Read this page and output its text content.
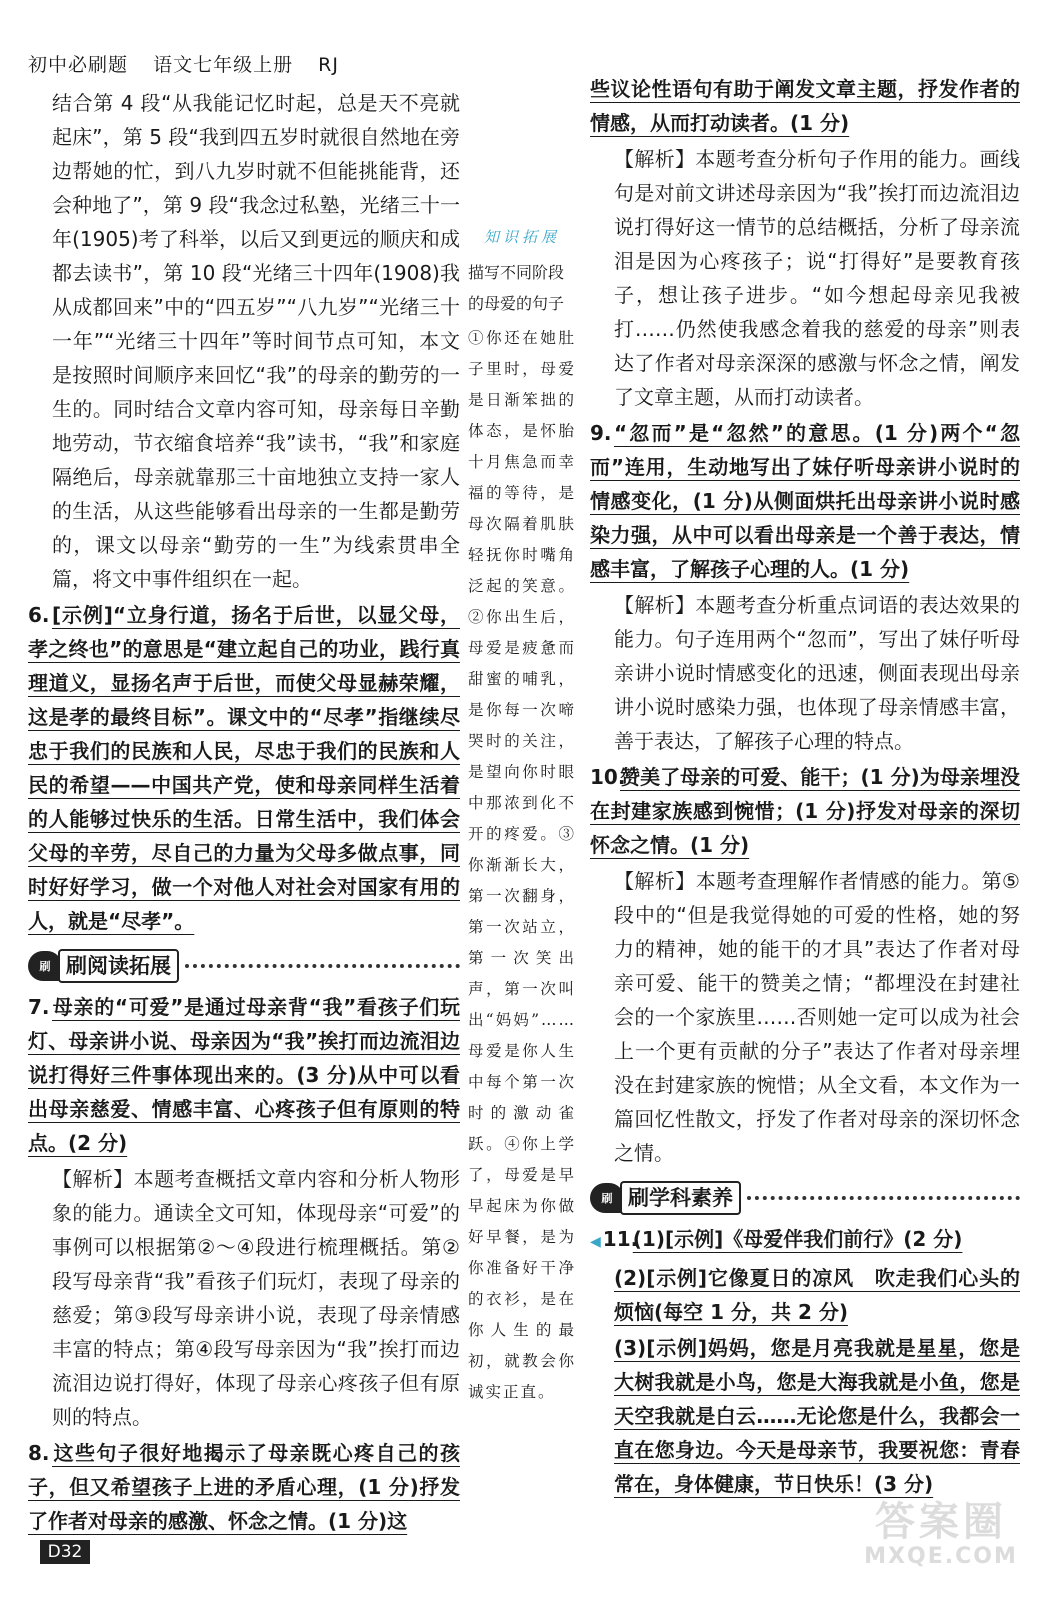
初中必刷题 语文七年级上册 RJ

结合第 4 段“从我能记忆时起，总是天不亮就起床”，第 5 段“我到四五岁时就很自然地在旁边帮她的忙，到八九岁时就不但能挑能背，还会种地了”，第 9 段“我念过私塾，光绪三十一年(1905)考了科举，以后又到更远的顺庆和成都去读书”，第 10 段“光绪三十四年(1908)我从成都回来”中的“四五岁”“八九岁”“光绪三十一年”“光绪三十四年”等时间节点可知，本文是按照时间顺序来回忆“我”的母亲的勤劳的一生的。同时结合文章内容可知，母亲每日辛勤地劳动，节衣缩食培养“我”读书，“我”和家庭隔绝后，母亲就靠那三十亩地独立支持一家人的生活，从这些能够看出母亲的一生都是勤劳的，课文以母亲“勤劳的一生”为线索贯串全篇，将文中事件组织在一起。

6. [示例]“立身行道，扬名于后世，以显父母，孝之终也”的意思是“建立起自己的功业，践行真理道义，显扬名声于后世，而使父母显赫荣耀，这是孝的最终目标”。课文中的“尽孝”指继续尽忠于我们的民族和人民，尽忠于我们的民族和人民的希望——中国共产党，使和母亲同样生活着的人能够过快乐的生活。日常生活中，我们体会父母的辛劳，尽自己的力量为父母多做点事，同时好好学习，做一个对他人对社会对国家有用的人，就是“尽孝”。

刷 刷阅读拓展

7. 母亲的“可爱”是通过母亲背“我”看孩子们玩灯、母亲讲小说、母亲因为“我”挨打而边流泪边说打得好三件事体现出来的。(3 分)从中可以看出母亲慈爱、情感丰富、心疼孩子但有原则的特点。(2 分)

【解析】本题考查概括文章内容和分析人物形象的能力。通读全文可知，体现母亲“可爱”的事例可以根据第②～④段进行梳理概括。第②段写母亲背“我”看孩子们玩灯，表现了母亲的慈爱；第③段写母亲讲小说，表现了母亲情感丰富的特点；第④段写母亲因为“我”挨打而边流泪边说打得好，体现了母亲心疼孩子但有原则的特点。

8. 这些句子很好地揭示了母亲既心疼自己的孩子，但又希望孩子上进的矛盾心理，(1 分)抒发了作者对母亲的感激、怀念之情。(1 分)这

知识拓展

描写不同阶段的母爱的句子

①你还在她肚子里时，母爱是日渐笨拙的体态，是怀胎十月焦急而幸福的等待，是母次隔着肌肤轻抚你时嘴角泛起的笑意。②你出生后，母爱是疲惫而甜蜜的哺乳，是你每一次啼哭时的关注，是望向你时眼中那浓到化不开的疼爱。③你渐渐长大，第一次翻身，第一次站立，第一次笑出声，第一次叫出“妈妈”……母爱是你人生中每个第一次时的激动雀跃。④你上学了，母爱是早早起床为你做好早餐，是为你准备好干净的衣衫，是在你人生的最初，就教会你诚实正直。

些议论性语句有助于阐发文章主题，抒发作者的情感，从而打动读者。(1 分)

【解析】本题考查分析句子作用的能力。画线句是对前文讲述母亲因为“我”挨打而边流泪边说打得好这一情节的总结概括，分析了母亲流泪是因为心疼孩子；说“打得好”是要教育孩子，想让孩子进步。“如今想起母亲见我被打……仍然使我感念着我的慈爱的母亲”则表达了作者对母亲深深的感激与怀念之情，阐发了文章主题，从而打动读者。

9. “忽而”是“忽然”的意思。(1 分)两个“忽而”连用，生动地写出了妹仔听母亲讲小说时的情感变化，(1 分)从侧面烘托出母亲讲小说时感染力强，从中可以看出母亲是一个善于表达，情感丰富，了解孩子心理的人。(1 分)

【解析】本题考查分析重点词语的表达效果的能力。句子连用两个“忽而”，写出了妹仔听母亲讲小说时情感变化的迅速，侧面表现出母亲讲小说时感染力强，也体现了母亲情感丰富，善于表达，了解孩子心理的特点。

10.赞美了母亲的可爱、能干；(1 分)为母亲埋没在封建家族感到惋惜；(1 分)抒发对母亲的深切怀念之情。(1 分)

【解析】本题考查理解作者情感的能力。第⑤段中的“但是我觉得她的可爱的性格，她的努力的精神，她的能干的才具”表达了作者对母亲可爱、能干的赞美之情；“都埋没在封建社会的一个家族里……否则她一定可以成为社会上一个更有贡献的分子”表达了作者对母亲埋没在封建家族的惋惜；从全文看，本文作为一篇回忆性散文，抒发了作者对母亲的深切怀念之情。

刷 刷学科素养

◀ 11.(1)[示例]《母爱伴我们前行》(2 分)

(2)[示例]它像夏日的凉风　吹走我们心头的烦恼(每空 1 分，共 2 分)

(3)[示例]妈妈，您是月亮我就是星星，您是大树我就是小鸟，您是大海我就是小鱼，您是天空我就是白云……无论您是什么，我都会一直在您身边。今天是母亲节，我要祝您：青春常在，身体健康，节日快乐！(3 分)

D32
答案圈
MXQE.COM
